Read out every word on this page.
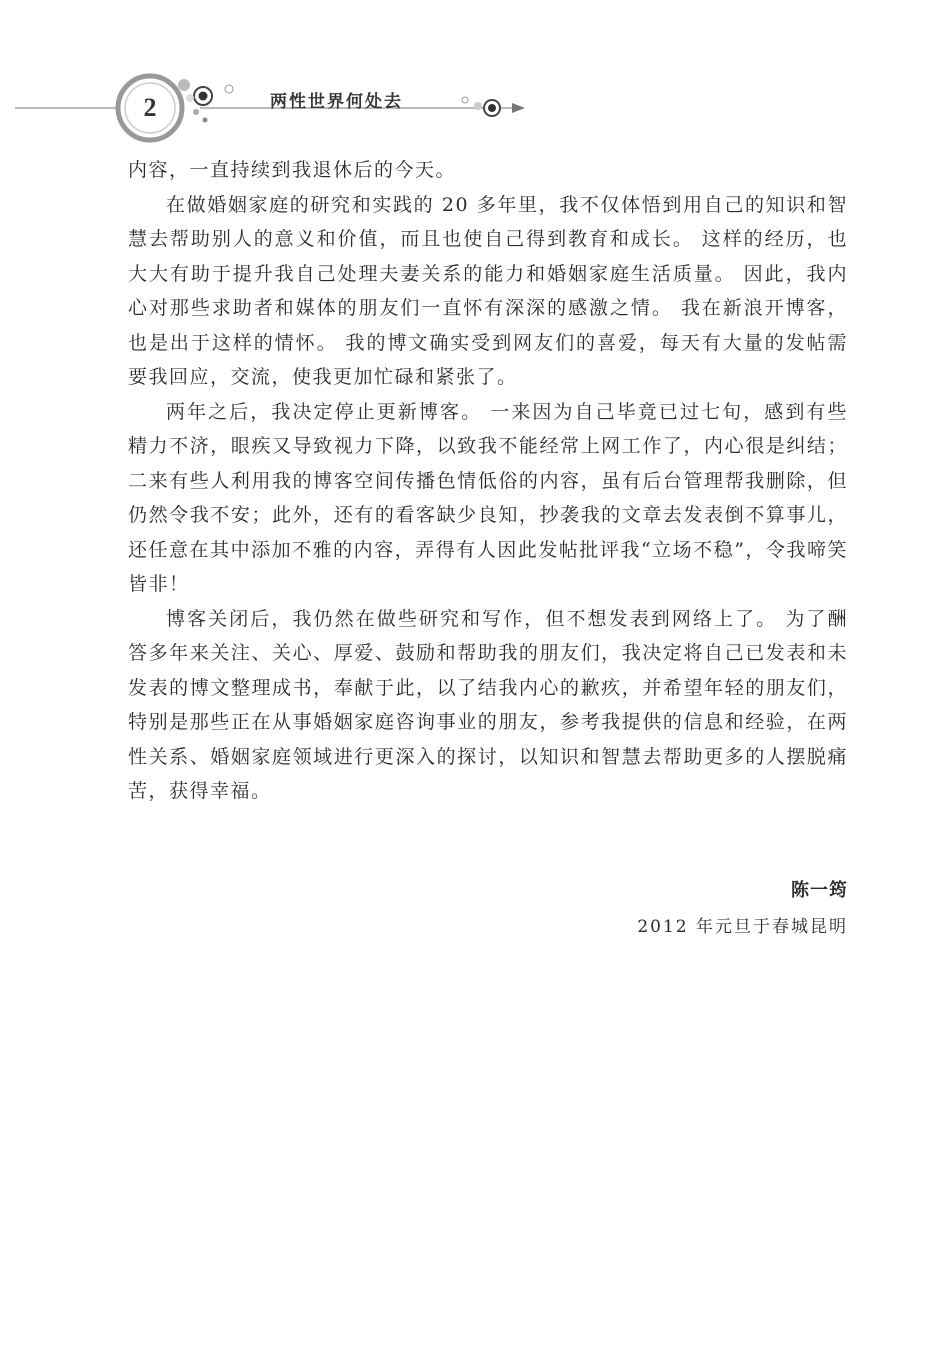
2	两性世界何处去

内容，一直持续到我退休后的今天。

在做婚姻家庭的研究和实践的 20 多年里，我不仅体悟到用自己的知识和智慧去帮助别人的意义和价值，而且也使自己得到教育和成长。 这样的经历，也大大有助于提升我自己处理夫妻关系的能力和婚姻家庭生活质量。 因此，我内心对那些求助者和媒体的朋友们一直怀有深深的感激之情。 我在新浪开博客，也是出于这样的情怀。 我的博文确实受到网友们的喜爱，每天有大量的发帖需要我回应，交流，使我更加忙碌和紧张了。

两年之后，我决定停止更新博客。 一来因为自己毕竟已过七旬，感到有些精力不济，眼疾又导致视力下降，以致我不能经常上网工作了，内心很是纠结；二来有些人利用我的博客空间传播色情低俗的内容，虽有后台管理帮我删除，但仍然令我不安；此外，还有的看客缺少良知，抄袭我的文章去发表倒不算事儿，还任意在其中添加不雅的内容，弄得有人因此发帖批评我“立场不稳”，令我啼笑皆非！

博客关闭后，我仍然在做些研究和写作，但不想发表到网络上了。 为了酬答多年来关注、关心、厚爱、鼓励和帮助我的朋友们，我决定将自己已发表和未发表的博文整理成书，奉献于此，以了结我内心的歉疚，并希望年轻的朋友们，特别是那些正在从事婚姻家庭咨询事业的朋友，参考我提供的信息和经验，在两性关系、婚姻家庭领域进行更深入的探讨，以知识和智慧去帮助更多的人摆脱痛苦，获得幸福。

陈一筠
2012 年元旦于春城昆明
